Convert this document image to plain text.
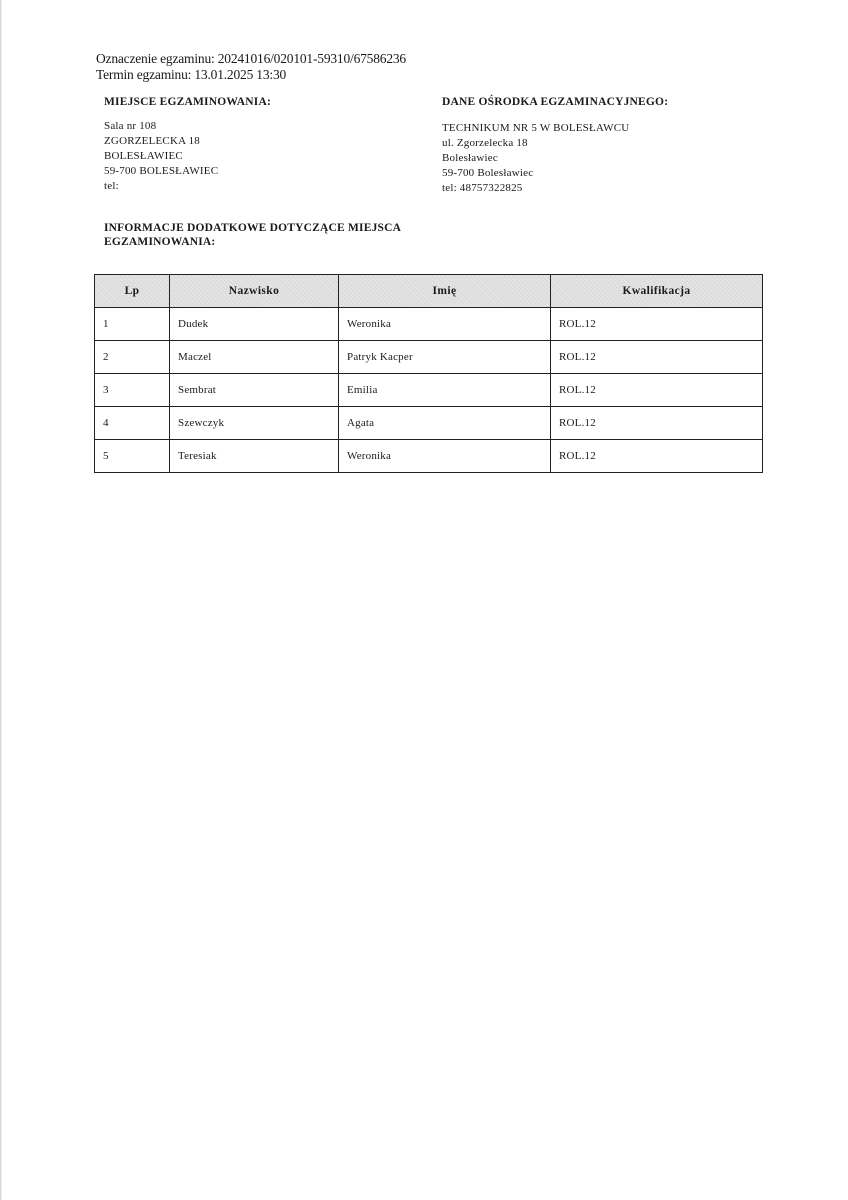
Oznaczenie egzaminu: 20241016/020101-59310/67586236
Termin egzaminu: 13.01.2025 13:30
MIEJSCE EGZAMINOWANIA:
Sala nr 108
ZGORZELECKA 18
BOLESŁAWIEC
59-700 BOLESŁAWIEC
tel:
DANE OŚRODKA EGZAMINACYJNEGO:
TECHNIKUM NR 5 W BOLESŁAWCU
ul. Zgorzelecka 18
Bolesławiec
59-700 Bolesławiec
tel: 48757322825
INFORMACJE DODATKOWE DOTYCZĄCE MIEJSCA EGZAMINOWANIA:
Lp	Nazwisko	Imię	Kwalifikacja
1	Dudek	Weronika	ROL.12
2	Maczel	Patryk Kacper	ROL.12
3	Sembrat	Emilia	ROL.12
4	Szewczyk	Agata	ROL.12
5	Teresiak	Weronika	ROL.12
